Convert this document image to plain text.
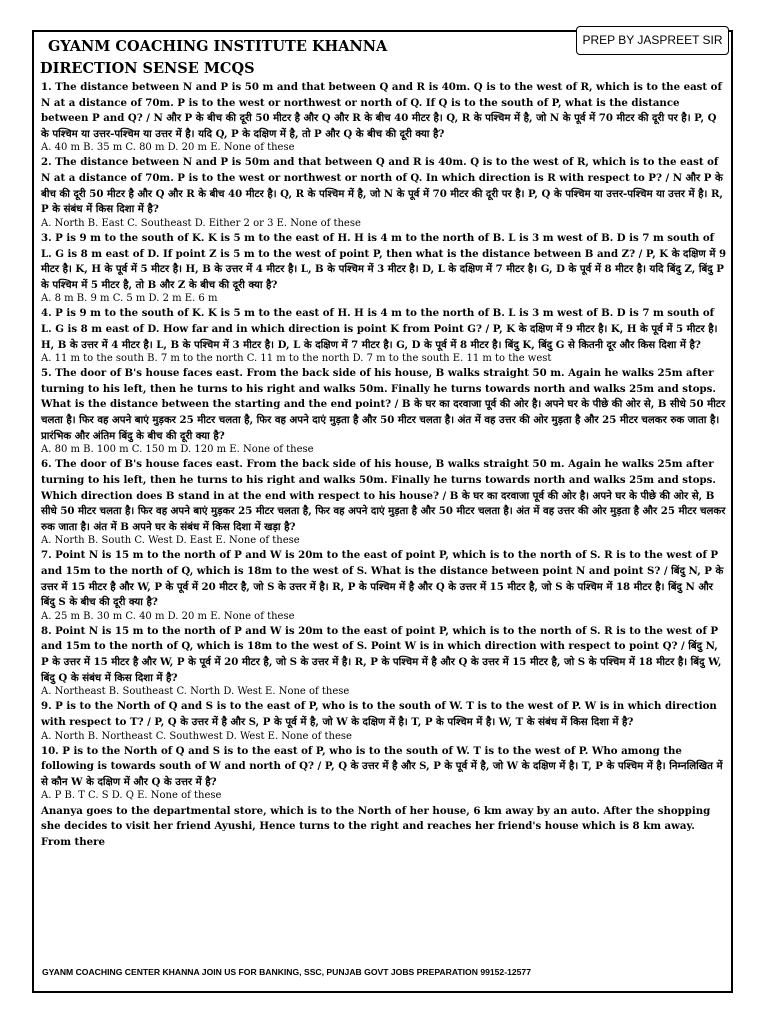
PREP BY JASPREET SIR
GYANM COACHING INSTITUTE KHANNA
DIRECTION SENSE MCQS

1. The distance between N and P is 50 m and that between Q and R is 40m. Q is to the west of R, which is to the east of N at a distance of 70m. P is to the west or northwest or north of Q. If Q is to the south of P, what is the distance between P and Q? / N और P के बीच की दूरी 50 मीटर है और Q और R के बीच 40 मीटर है। Q, R के पश्चिम में है, जो N के पूर्व में 70 मीटर की दूरी पर है। P, Q के पश्चिम या उत्तर-पश्चिम या उत्तर में है। यदि Q, P के दक्षिण में है, तो P और Q के बीच की दूरी क्या है?

A. 40 m B. 35 m C. 80 m D. 20 m E. None of these

2. The distance between N and P is 50m and that between Q and R is 40m. Q is to the west of R, which is to the east of N at a distance of 70m. P is to the west or northwest or north of Q. In which direction is R with respect to P? / N और P के बीच की दूरी 50 मीटर है और Q और R के बीच 40 मीटर है। Q, R के पश्चिम में है, जो N के पूर्व में 70 मीटर की दूरी पर है। P, Q के पश्चिम या उत्तर-पश्चिम या उत्तर में है। R, P के संबंध में किस दिशा में है?

A. North B. East C. Southeast D. Either 2 or 3 E. None of these

3. P is 9 m to the south of K. K is 5 m to the east of H. H is 4 m to the north of B. L is 3 m west of B. D is 7 m south of L. G is 8 m east of D. If point Z is 5 m to the west of point P, then what is the distance between B and Z? / P, K के दक्षिण में 9 मीटर है। K, H के पूर्व में 5 मीटर है। H, B के उत्तर में 4 मीटर है। L, B के पश्चिम में 3 मीटर है। D, L के दक्षिण में 7 मीटर है। G, D के पूर्व में 8 मीटर है। यदि बिंदु Z, बिंदु P के पश्चिम में 5 मीटर है, तो B और Z के बीच की दूरी क्या है?

A. 8 m B. 9 m C. 5 m D. 2 m E. 6 m

4. P is 9 m to the south of K. K is 5 m to the east of H. H is 4 m to the north of B. L is 3 m west of B. D is 7 m south of L. G is 8 m east of D. How far and in which direction is point K from Point G? / P, K के दक्षिण में 9 मीटर है। K, H के पूर्व में 5 मीटर है। H, B के उत्तर में 4 मीटर है। L, B के पश्चिम में 3 मीटर है। D, L के दक्षिण में 7 मीटर है। G, D के पूर्व में 8 मीटर है। बिंदु K, बिंदु G से कितनी दूर और किस दिशा में है?

A. 11 m to the south B. 7 m to the north C. 11 m to the north D. 7 m to the south E. 11 m to the west

5. The door of B's house faces east. From the back side of his house, B walks straight 50 m. Again he walks 25m after turning to his left, then he turns to his right and walks 50m. Finally he turns towards north and walks 25m and stops. What is the distance between the starting and the end point? / B के घर का दरवाजा पूर्व की ओर है। अपने घर के पीछे की ओर से, B सीधे 50 मीटर चलता है। फिर वह अपने बाएं मुड़कर 25 मीटर चलता है, फिर वह अपने दाएं मुड़ता है और 50 मीटर चलता है। अंत में वह उत्तर की ओर मुड़ता है और 25 मीटर चलकर रुक जाता है। प्रारंभिक और अंतिम बिंदु के बीच की दूरी क्या है?

A. 80 m B. 100 m C. 150 m D. 120 m E. None of these

6. The door of B's house faces east. From the back side of his house, B walks straight 50 m. Again he walks 25m after turning to his left, then he turns to his right and walks 50m. Finally he turns towards north and walks 25m and stops. Which direction does B stand in at the end with respect to his house? / B के घर का दरवाजा पूर्व की ओर है। अपने घर के पीछे की ओर से, B सीधे 50 मीटर चलता है। फिर वह अपने बाएं मुड़कर 25 मीटर चलता है, फिर वह अपने दाएं मुड़ता है और 50 मीटर चलता है। अंत में वह उत्तर की ओर मुड़ता है और 25 मीटर चलकर रुक जाता है। अंत में B अपने घर के संबंध में किस दिशा में खड़ा है?

A. North B. South C. West D. East E. None of these

7. Point N is 15 m to the north of P and W is 20m to the east of point P, which is to the north of S. R is to the west of P and 15m to the north of Q, which is 18m to the west of S. What is the distance between point N and point S? / बिंदु N, P के उत्तर में 15 मीटर है और W, P के पूर्व में 20 मीटर है, जो S के उत्तर में है। R, P के पश्चिम में है और Q के उत्तर में 15 मीटर है, जो S के पश्चिम में 18 मीटर है। बिंदु N और बिंदु S के बीच की दूरी क्या है?

A. 25 m B. 30 m C. 40 m D. 20 m E. None of these

8. Point N is 15 m to the north of P and W is 20m to the east of point P, which is to the north of S. R is to the west of P and 15m to the north of Q, which is 18m to the west of S. Point W is in which direction with respect to point Q? / बिंदु N, P के उत्तर में 15 मीटर है और W, P के पूर्व में 20 मीटर है, जो S के उत्तर में है। R, P के पश्चिम में है और Q के उत्तर में 15 मीटर है, जो S के पश्चिम में 18 मीटर है। बिंदु W, बिंदु Q के संबंध में किस दिशा में है?

A. Northeast B. Southeast C. North D. West E. None of these

9. P is to the North of Q and S is to the east of P, who is to the south of W. T is to the west of P. W is in which direction with respect to T? / P, Q के उत्तर में है और S, P के पूर्व में है, जो W के दक्षिण में है। T, P के पश्चिम में है। W, T के संबंध में किस दिशा में है?

A. North B. Northeast C. Southwest D. West E. None of these

10. P is to the North of Q and S is to the east of P, who is to the south of W. T is to the west of P. Who among the following is towards south of W and north of Q? / P, Q के उत्तर में है और S, P के पूर्व में है, जो W के दक्षिण में है। T, P के पश्चिम में है। निम्नलिखित में से कौन W के दक्षिण में और Q के उत्तर में है?

A. P B. T C. S D. Q E. None of these

Ananya goes to the departmental store, which is to the North of her house, 6 km away by an auto. After the shopping she decides to visit her friend Ayushi, Hence turns to the right and reaches her friend's house which is 8 km away. From there

GYANM COACHING CENTER KHANNA JOIN US FOR BANKING, SSC, PUNJAB GOVT JOBS PREPARATION 99152-12577
